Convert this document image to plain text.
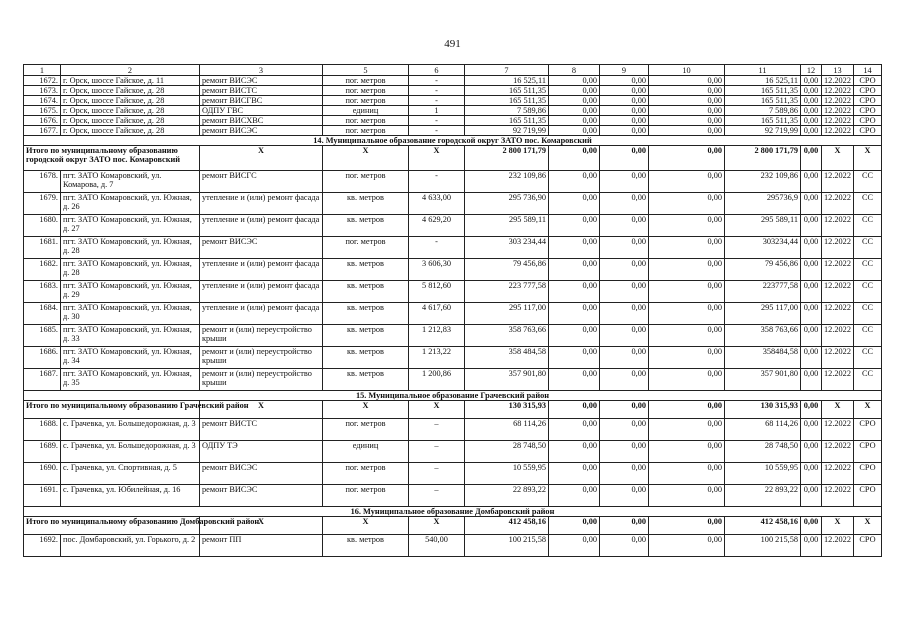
491
1	2	3	5	6	7	8	9	10	11	12	13	14
1672.	г. Орск, шоссе Гайское, д. 11	ремонт ВИСЭС	пог. метров	-	16 525,11	0,00	0,00	0,00	16 525,11	0,00	12.2022	СРО
1673.	г. Орск, шоссе Гайское, д. 28	ремонт ВИСТС	пог. метров	-	165 511,35	0,00	0,00	0,00	165 511,35	0,00	12.2022	СРО
1674.	г. Орск, шоссе Гайское, д. 28	ремонт ВИСГВС	пог. метров	-	165 511,35	0,00	0,00	0,00	165 511,35	0,00	12.2022	СРО
1675.	г. Орск, шоссе Гайское, д. 28	ОДПУ ГВС	единиц	1	7 589,86	0,00	0,00	0,00	7 589,86	0,00	12.2022	СРО
1676.	г. Орск, шоссе Гайское, д. 28	ремонт ВИСХВС	пог. метров	-	165 511,35	0,00	0,00	0,00	165 511,35	0,00	12.2022	СРО
1677.	г. Орск, шоссе Гайское, д. 28	ремонт ВИСЭС	пог. метров	-	92 719,99	0,00	0,00	0,00	92 719,99	0,00	12.2022	СРО
14. Муниципальное образование городской округ ЗАТО пос. Комаровский												
Итого по муниципальному образованию городской округ ЗАТО пос. Комаровский		X	X	X	2 800 171,79	0,00	0,00	0,00	2 800 171,79	0,00	X	X
1678.	пгт. ЗАТО Комаровский, ул. Комарова, д. 7	ремонт ВИСГС	пог. метров	-	232 109,86	0,00	0,00	0,00	232 109,86	0,00	12.2022	СС
1679.	пгт. ЗАТО Комаровский, ул. Южная, д. 26	утепление и (или) ремонт фасада	кв. метров	4 633,00	295 736,90	0,00	0,00	0,00	295736,9	0,00	12.2022	СС
1680.	пгт. ЗАТО Комаровский, ул. Южная, д. 27	утепление и (или) ремонт фасада	кв. метров	4 629,20	295 589,11	0,00	0,00	0,00	295 589,11	0,00	12.2022	СС
1681.	пгт. ЗАТО Комаровский, ул. Южная, д. 28	ремонт ВИСЭС	пог. метров	-	303 234,44	0,00	0,00	0,00	303234,44	0,00	12.2022	СС
1682.	пгт. ЗАТО Комаровский, ул. Южная, д. 28	утепление и (или) ремонт фасада	кв. метров	3 606,30	79 456,86	0,00	0,00	0,00	79 456,86	0,00	12.2022	СС
1683.	пгт. ЗАТО Комаровский, ул. Южная, д. 29	утепление и (или) ремонт фасада	кв. метров	5 812,60	223 777,58	0,00	0,00	0,00	223777,58	0,00	12.2022	СС
1684.	пгт. ЗАТО Комаровский, ул. Южная, д. 30	утепление и (или) ремонт фасада	кв. метров	4 617,60	295 117,00	0,00	0,00	0,00	295 117,00	0,00	12.2022	СС
1685.	пгт. ЗАТО Комаровский, ул. Южная, д. 33	ремонт и (или) переустройство крыши	кв. метров	1 212,83	358 763,66	0,00	0,00	0,00	358 763,66	0,00	12.2022	СС
1686.	пгт. ЗАТО Комаровский, ул. Южная, д. 34	ремонт и (или) переустройство крыши	кв. метров	1 213,22	358 484,58	0,00	0,00	0,00	358484,58	0,00	12.2022	СС
1687.	пгт. ЗАТО Комаровский, ул. Южная, д. 35	ремонт и (или) переустройство крыши	кв. метров	1 200,86	357 901,80	0,00	0,00	0,00	357 901,80	0,00	12.2022	СС
15. Муниципальное образование Грачевский район												
Итого по муниципальному образованию Грачевский район		X	X	X	130 315,93	0,00	0,00	0,00	130 315,93	0,00	X	X
1688.	с. Грачевка, ул. Большедорожная, д. 3	ремонт ВИСТС	пог. метров	–	68 114,26	0,00	0,00	0,00	68 114,26	0,00	12.2022	СРО
1689.	с. Грачевка, ул. Большедорожная, д. 3	ОДПУ ТЭ	единиц	–	28 748,50	0,00	0,00	0,00	28 748,50	0,00	12.2022	СРО
1690.	с. Грачевка, ул. Спортивная, д. 5	ремонт ВИСЭС	пог. метров	–	10 559,95	0,00	0,00	0,00	10 559,95	0,00	12.2022	СРО
1691.	с. Грачевка, ул. Юбилейная, д. 16	ремонт ВИСЭС	пог. метров	–	22 893,22	0,00	0,00	0,00	22 893,22	0,00	12.2022	СРО
16. Муниципальное образование Домбаровский район												
Итого по муниципальному образованию Домбаровский район		X	X	X	412 458,16	0,00	0,00	0,00	412 458,16	0,00	X	X
1692.	пос. Домбаровский, ул. Горького, д. 2	ремонт ПП	кв. метров	540,00	100 215,58	0,00	0,00	0,00	100 215,58	0,00	12.2022	СРО
